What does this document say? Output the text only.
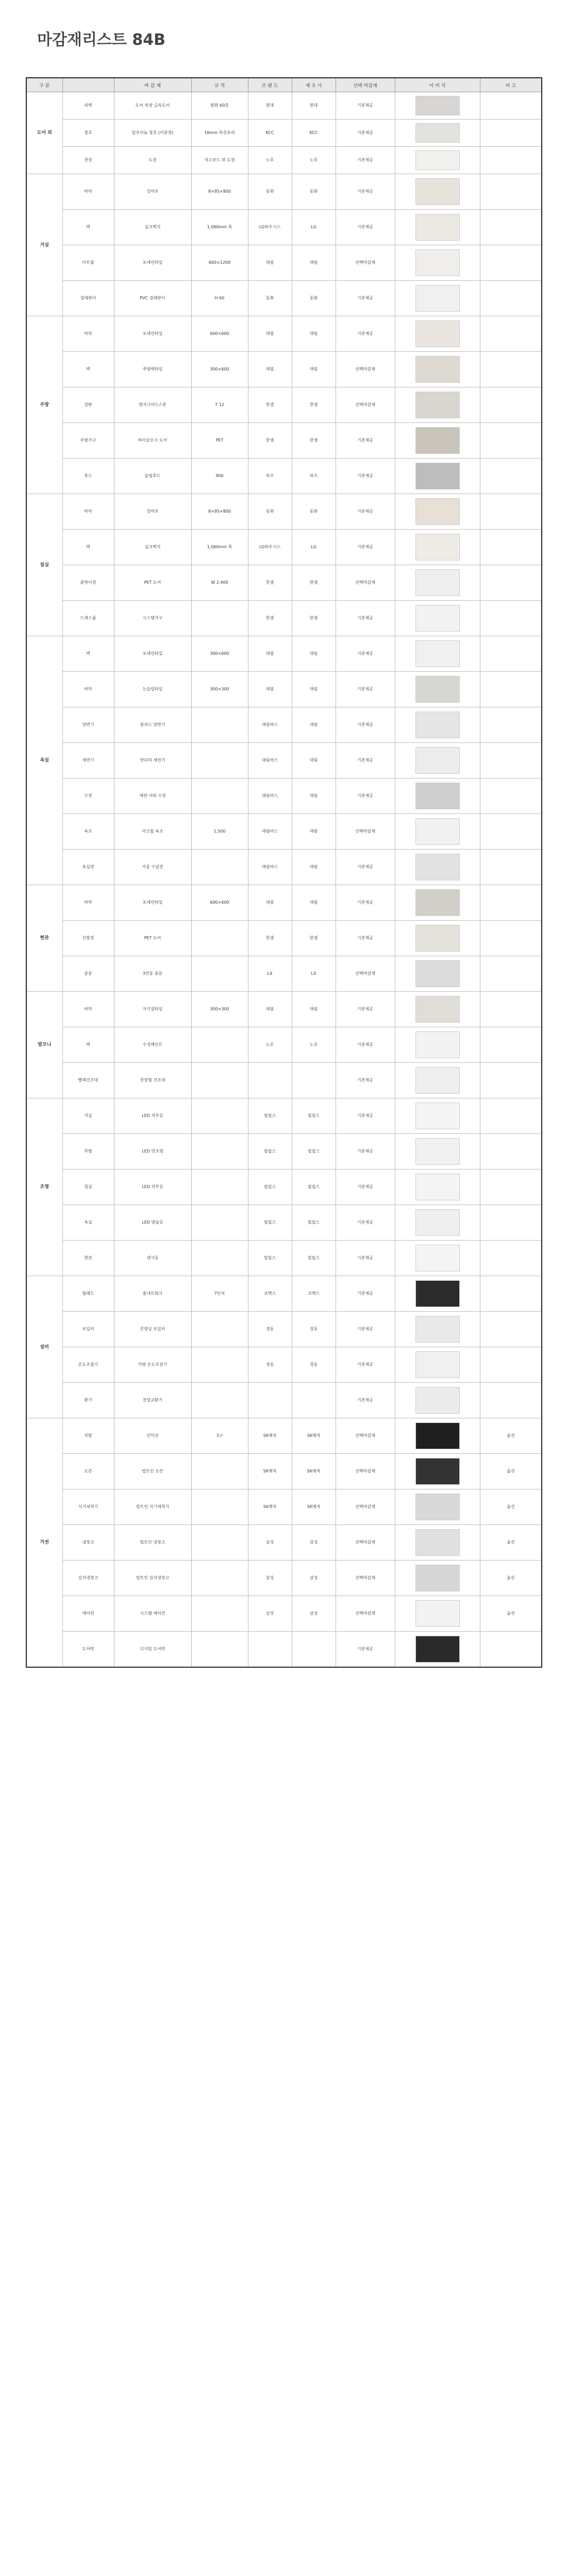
마감재리스트 84B
구 분		마 감 재	규 격	브 랜 드	제 조 사	선택 마감재	이 미 지	비 고
도어 외	외벽	도어 외장 금속도어	방화 60분	현대	현대	기본제공	

	창호	알루미늄 창호 (이중창)	16mm 복층유리	KCC	KCC	기본제공	

	천장	도장	석고보드 위 도장	노루	노루	기본제공	

거실	바닥	강마루	8×95×800	동화	동화	기본제공	

	벽	실크벽지	1,060mm 폭	LG하우시스	LG	기본제공	

	아트월	포세린타일	600×1200	대림	대림	선택마감재	

	걸레받이	PVC 걸레받이	H 60	동화	동화	기본제공	

주방	바닥	포세린타일	600×600	대림	대림	기본제공	

	벽	주방벽타일	300×600	대림	대림	선택마감재	

	상판	엔지니어드스톤	T 12	한샘	한샘	선택마감재	

	주방가구	하이글로시 도어	PET	한샘	한샘	기본제공	

	후드	슬림후드	900	하츠	하츠	기본제공	

침실	바닥	강마루	8×95×800	동화	동화	기본제공	

	벽	실크벽지	1,060mm 폭	LG하우시스	LG	기본제공	

	붙박이장	PET 도어	W 2,400	한샘	한샘	선택마감재	

	드레스룸	시스템가구		한샘	한샘	기본제공	

욕실	벽	포세린타일	300×600	대림	대림	기본제공	

	바닥	논슬립타일	300×300	대림	대림	기본제공	

	양변기	원피스 양변기		대림바스	대림	기본제공	

	세면기	반다리 세면기		대림바스	대림	기본제공	

	수전	세면·샤워 수전		대림바스	대림	기본제공	

	욕조	아크릴 욕조	1,500	대림바스	대림	선택마감재	

	욕실장	거울 수납장		대림바스	대림	기본제공	

현관	바닥	포세린타일	600×600	대림	대림	기본제공	

	신발장	PET 도어		한샘	한샘	기본제공	

	중문	3연동 중문		LX	LX	선택마감재	

발코니	바닥	자기질타일	300×300	대림	대림	기본제공	

	벽	수성페인트		노루	노루	기본제공	

	빨래건조대	천장형 건조대				기본제공	

조명	거실	LED 직부등		필립스	필립스	기본제공	

	주방	LED 면조명		필립스	필립스	기본제공	

	침실	LED 직부등		필립스	필립스	기본제공	

	욕실	LED 방습등		필립스	필립스	기본제공	

	현관	센서등		필립스	필립스	기본제공	

설비	월패드	홈네트워크	7인치	코맥스	코맥스	기본제공	

	보일러	콘덴싱 보일러		경동	경동	기본제공	

	온도조절기	각방 온도조절기		경동	경동	기본제공	

	환기	전열교환기				기본제공	

가전	쿡탑	인덕션	3구	SK매직	SK매직	선택마감재		옵션
	오븐	빌트인 오븐		SK매직	SK매직	선택마감재		옵션
	식기세척기	빌트인 식기세척기		SK매직	SK매직	선택마감재		옵션
	냉장고	빌트인 냉장고		삼성	삼성	선택마감재		옵션
	김치냉장고	빌트인 김치냉장고		삼성	삼성	선택마감재		옵션
	에어컨	시스템 에어컨		삼성	삼성	선택마감재		옵션
	도어락	디지털 도어락				기본제공	
